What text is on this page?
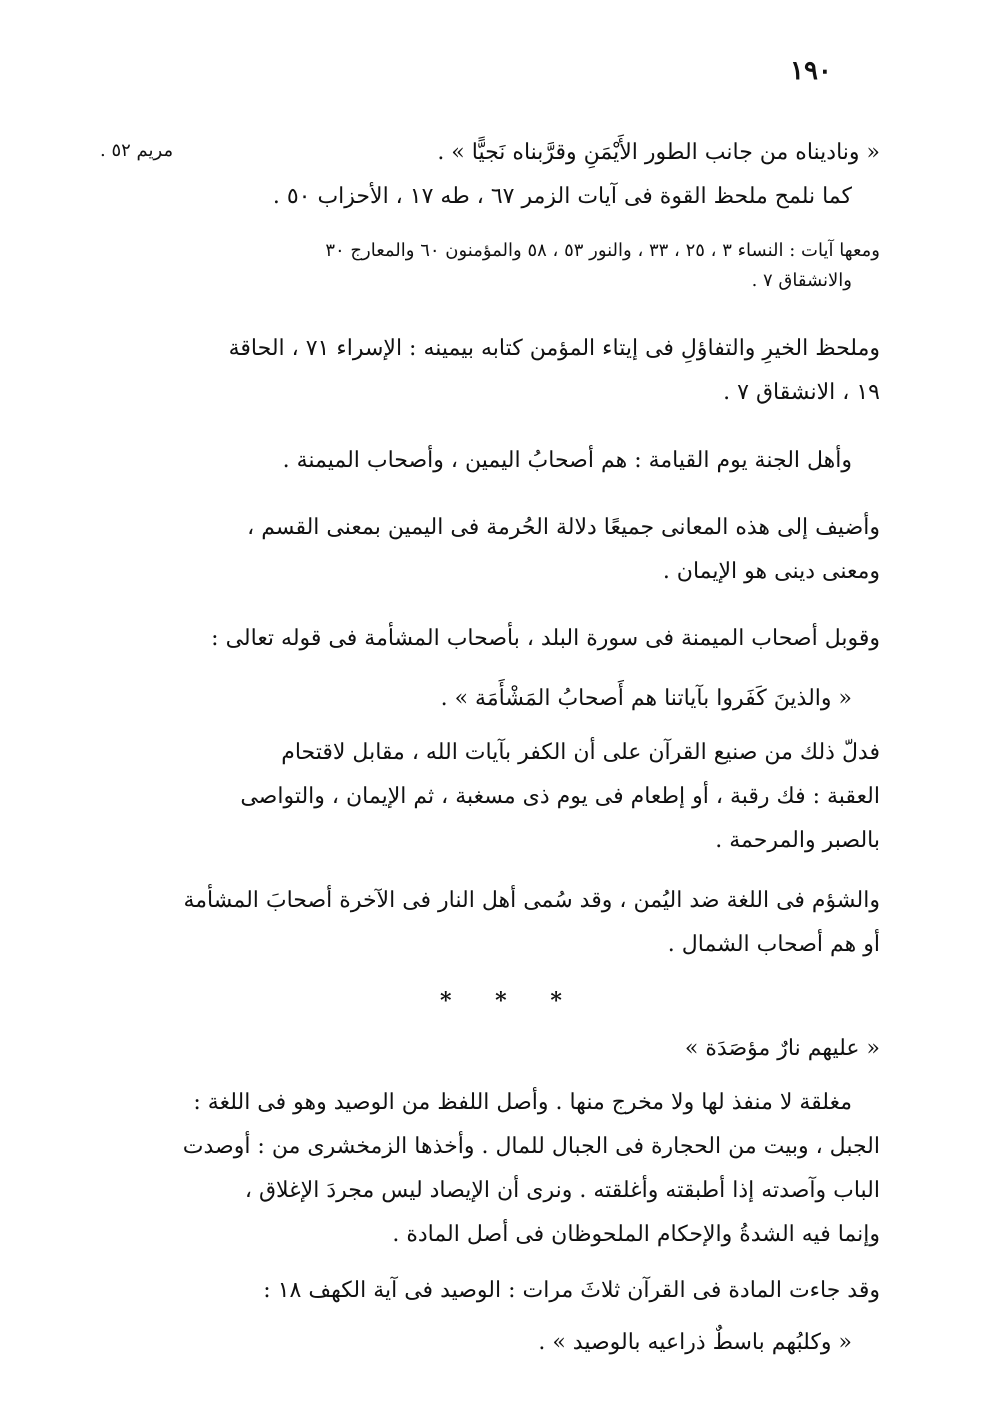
١٩٠
« وناديناه من جانب الطور الأَيْمَنِ وقرَّبناه نَجيًّا » .
مريم ٥٢ .
كما نلمح ملحظ القوة فى آيات الزمر ٦٧ ، طه ١٧ ، الأحزاب ٥٠ .
ومعها آيات : النساء ٣ ، ٢٥ ، ٣٣ ، والنور ٥٣ ، ٥٨ والمؤمنون ٦٠ والمعارج ٣٠
والانشقاق ٧ .
وملحظ الخيرِ والتفاؤلِ فى إيتاء المؤمن كتابه بيمينه : الإسراء ٧١ ، الحاقة
١٩ ، الانشقاق ٧ .
وأهل الجنة يوم القيامة : هم أصحابُ اليمين ، وأصحاب الميمنة .
وأضيف إلى هذه المعانى جميعًا دلالة الحُرمة فى اليمين بمعنى القسم ،
ومعنى دينى هو الإيمان .
وقوبل أصحاب الميمنة فى سورة البلد ، بأصحاب المشأمة فى قوله تعالى :
« والذينَ كَفَروا بآياتنا هم أَصحابُ المَشْأَمَة » .
فدلّ ذلك من صنيع القرآن على أن الكفر بآيات الله ، مقابل لاقتحام
العقبة : فك رقبة ، أو إطعام فى يوم ذى مسغبة ، ثم الإيمان ، والتواصى
بالصبر والمرحمة .
والشؤم فى اللغة ضد اليُمن ، وقد سُمى أهل النار فى الآخرة أصحابَ المشأمة
أو هم أصحاب الشمال .
* * *
« عليهم نارٌ مؤصَدَة »
مغلقة لا منفذ لها ولا مخرج منها . وأصل اللفظ من الوصيد وهو فى اللغة :
الجبل ، وبيت من الحجارة فى الجبال للمال . وأخذها الزمخشرى من : أوصدت
الباب وآصدته إذا أطبقته وأغلقته . ونرى أن الإيصاد ليس مجردَ الإغلاق ،
وإنما فيه الشدةُ والإحكام الملحوظان فى أصل المادة .
وقد جاءت المادة فى القرآن ثلاثَ مرات : الوصيد فى آية الكهف ١٨ :
« وكلبُهم باسطٌ ذراعيه بالوصيد » .
